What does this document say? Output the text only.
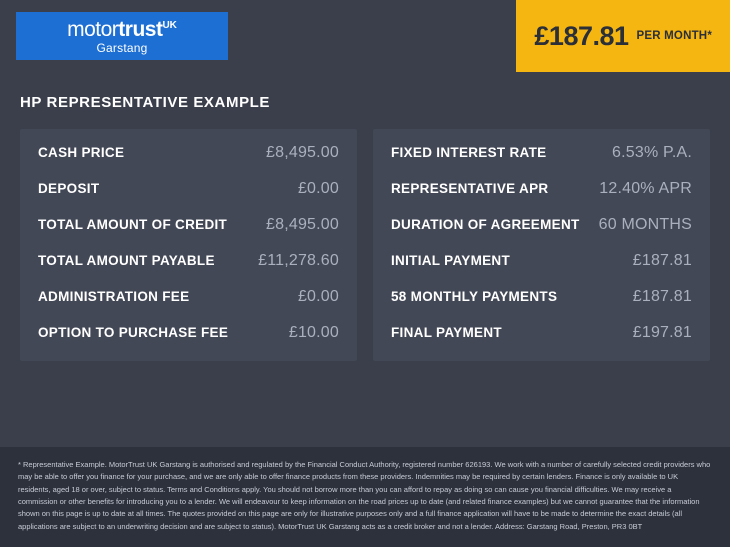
motortrust$^{UK}$
Garstang	£187.81 PER MONTH*
HP REPRESENTATIVE EXAMPLE
CASH PRICE	£8,495.00
DEPOSIT	£0.00
TOTAL AMOUNT OF CREDIT £8,495.00
TOTAL AMOUNT PAYABLE	£11,278.60
ADMINISTRATION FEE	£0.00
OPTION TO PURCHASE FEE	£10.00
FIXED INTEREST RATE	6.53% P.A.
REPRESENTATIVE APR	12.40% APR
DURATION OF AGREEMENT 60 MONTHS
INITIAL PAYMENT	£187.81
58 MONTHLY PAYMENTS	£187.81
FINAL PAYMENT	£197.81

* Representative Example. MotorTrust UK Garstang is authorised and regulated by the Financial Conduct Authority, registered number 626193. We work with a number of carefully selected credit providers who may be able to offer you finance for your purchase, and we are only able to offer finance products from these providers. Indemnities may be required by certain lenders. Finance is only available to UK residents, aged 18 or over, subject to status. Terms and Conditions apply. You should not borrow more than you can afford to repay as doing so can cause you financial difficulties. We may receive a commission or other benefits for introducing you to a lender. We will endeavour to keep information on the road prices up to date (and related finance examples) but we cannot guarantee that the information shown on this page is up to date at all times. The quotes provided on this page are only for illustrative purposes only and a full finance application will have to be made to determine the exact details (all applications are subject to an underwriting decision and are subject to status). MotorTrust UK Garstang acts as a credit broker and not a lender. Address: Garstang Road, Preston, PR3 0BT
